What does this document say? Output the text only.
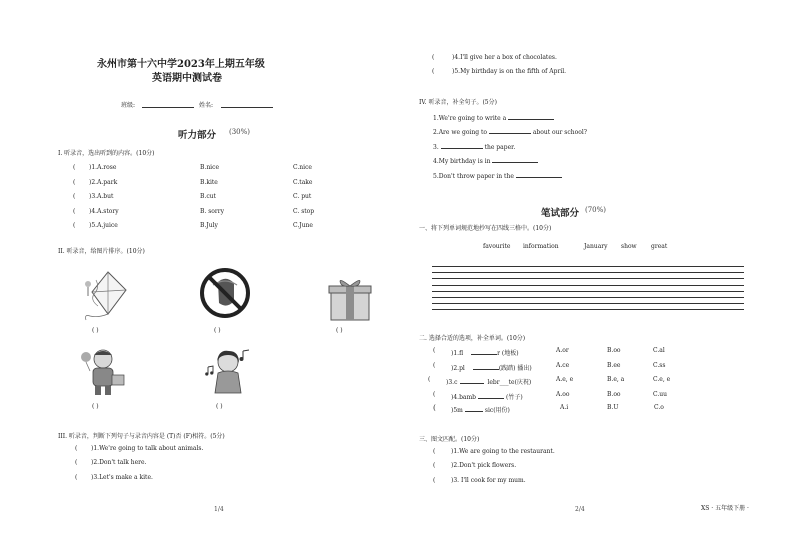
永州市第十六中学2023年上期五年级
英语期中测试卷
班级:	姓名:
听力部分 (30%)
I. 听录音，选出听到的内容。(10分)
( )1.A.rose	B.nice	C.nice
( )2.A.park	B.kite	C.take
( )3.A.but	B.cut	C. put
( )4.A.story	B. sorry	C. stop
( )5.A.juice	B.July	C.June
II. 听录音，给图片排序。(10分)
( )	( )	( )
( )	( )
III. 听录音，判断下列句子与录音内容是 (T)否 (F)相符。(5分)
( )1.We're going to talk about animals.
( )2.Don't talk here.
( )3.Let's make a kite.
1/4
(	)4.I'll give her a box of chocolates.
(	)5.My birthday is on the fifth of April.
IV. 听录音，补全句子。(5分)
1.We're going to write a
2.Are we going to	about our school?
3.	the paper.
4.My birthday is in
5.Don't throw paper in the
笔试部分 (70%)
一、将下列单词规范地抄写在四线三格中。(10分)
favourite information	January show great
二. 选择合适的选项，补全单词。(10分)
(	)1.fl	r (地板)	A.or	B.oo	C.al
(	)2.pl	(践踏) 播出)	A.ce	B.ee	C.ss
(	)3.c	lebr___te(庆祝)	A.e, e	B.e, a	C.e, e
(	)4.bamb	(竹子)	A.oo	B.oo	C.uu
(	)5m	sic(用份)	A.i	B.U	C.o
三、图文匹配。(10分)
(	)1.We are going to the restaurant.
(	)2.Don't pick flowers.
(	)3. I'll cook for my mum.
2/4	XS · 五年级下册 ·
